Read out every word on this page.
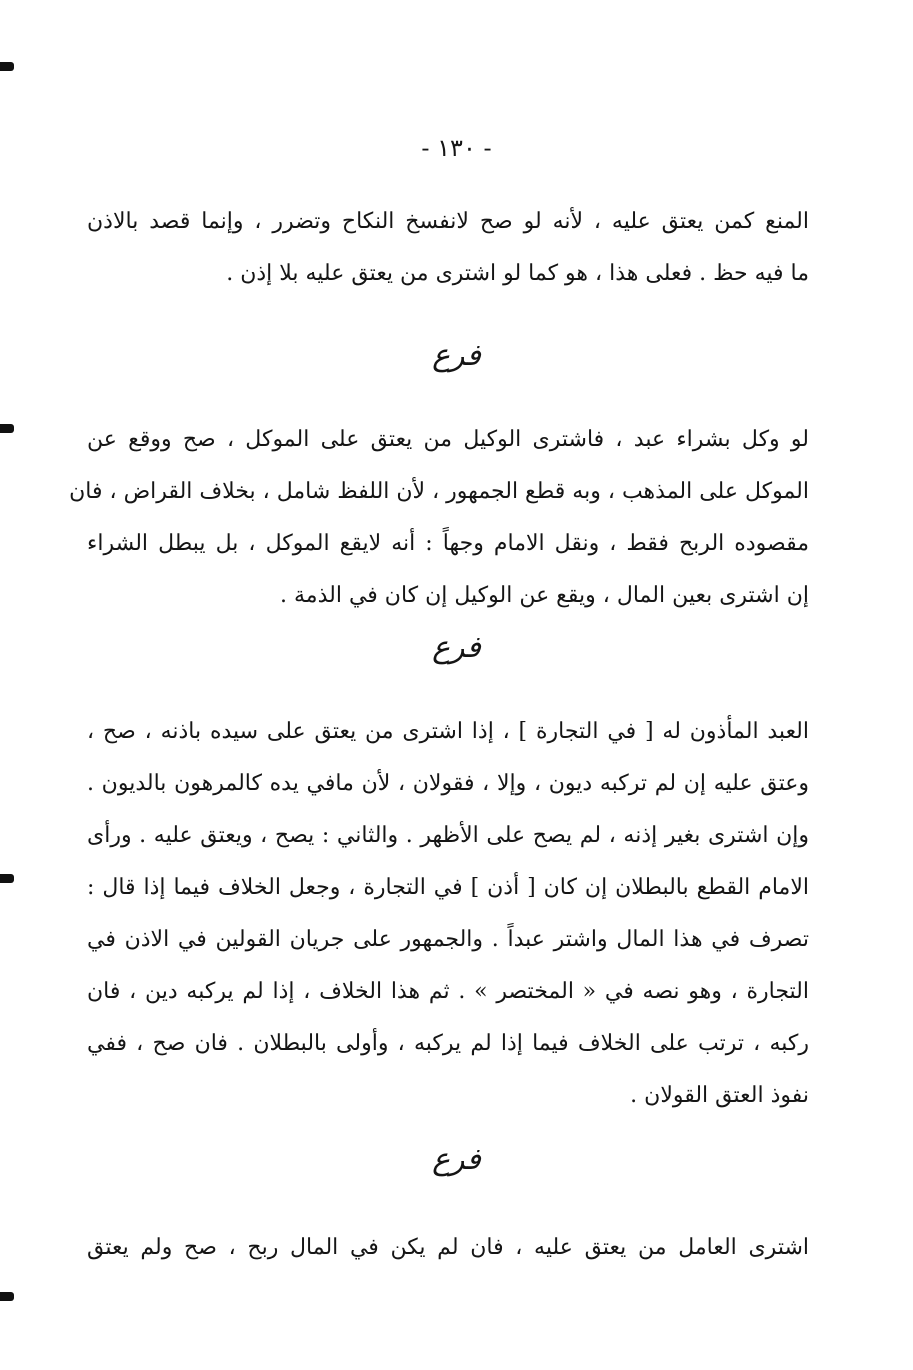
- ١٣٠ -
المنع كمن يعتق عليه ، لأنه لو صح لانفسخ النكاح وتضرر ، وإنما قصد بالاذن
ما فيه حظ . فعلى هذا ، هو كما لو اشترى من يعتق عليه بلا إذن .
فرع
لو وكل بشراء عبد ، فاشترى الوكيل من يعتق على الموكل ، صح ووقع عن
الموكل على المذهب ، وبه قطع الجمهور ، لأن اللفظ شامل ، بخلاف القراض ، فان
مقصوده الربح فقط ، ونقل الامام وجهاً : أنه لايقع الموكل ، بل يبطل الشراء
إن اشترى بعين المال ، ويقع عن الوكيل إن كان في الذمة .
فرع
العبد المأذون له [ في التجارة ] ، إذا اشترى من يعتق على سيده باذنه ، صح ،
وعتق عليه إن لم تركبه ديون ، وإلا ، فقولان ، لأن مافي يده كالمرهون بالديون .
وإن اشترى بغير إذنه ، لم يصح على الأظهر . والثاني : يصح ، ويعتق عليه . ورأى
الامام القطع بالبطلان إن كان [ أذن ] في التجارة ، وجعل الخلاف فيما إذا قال :
تصرف في هذا المال واشتر عبداً . والجمهور على جريان القولين في الاذن في
التجارة ، وهو نصه في « المختصر » . ثم هذا الخلاف ، إذا لم يركبه دين ، فان
ركبه ، ترتب على الخلاف فيما إذا لم يركبه ، وأولى بالبطلان . فان صح ، ففي
نفوذ العتق القولان .
فرع
اشترى العامل من يعتق عليه ، فان لم يكن في المال ربح ، صح ولم يعتق
